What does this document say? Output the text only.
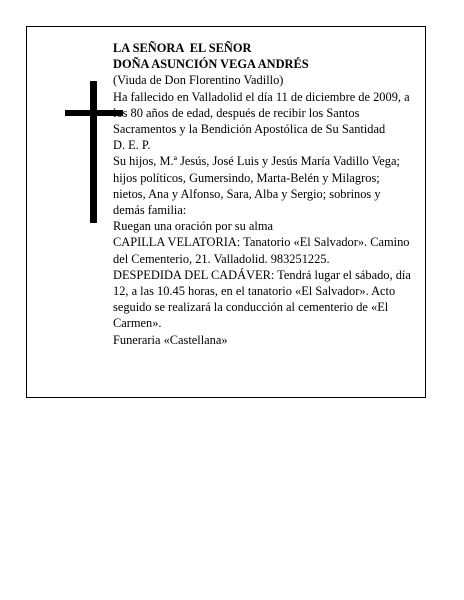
LA SEÑORA  EL SEÑOR
DOÑA ASUNCIÓN VEGA ANDRÉS
(Viuda de Don Florentino Vadillo)
Ha fallecido en Valladolid el día 11 de diciembre de 2009, a los 80 años de edad, después de recibir los Santos Sacramentos y la Bendición Apostólica de Su Santidad
D. E. P.
Su hijos, M.ª Jesús, José Luis y Jesús María Vadillo Vega; hijos políticos, Gumersindo, Marta-Belén y Milagros; nietos, Ana y Alfonso, Sara, Alba y Sergio; sobrinos y demás familia:
Ruegan una oración por su alma
CAPILLA VELATORIA: Tanatorio «El Salvador». Camino del Cementerio, 21. Valladolid. 983251225.
DESPEDIDA DEL CADÁVER: Tendrá lugar el sábado, día 12, a las 10.45 horas, en el tanatorio «El Salvador». Acto seguido se realizará la conducción al cementerio de «El Carmen».
Funeraria «Castellana»
